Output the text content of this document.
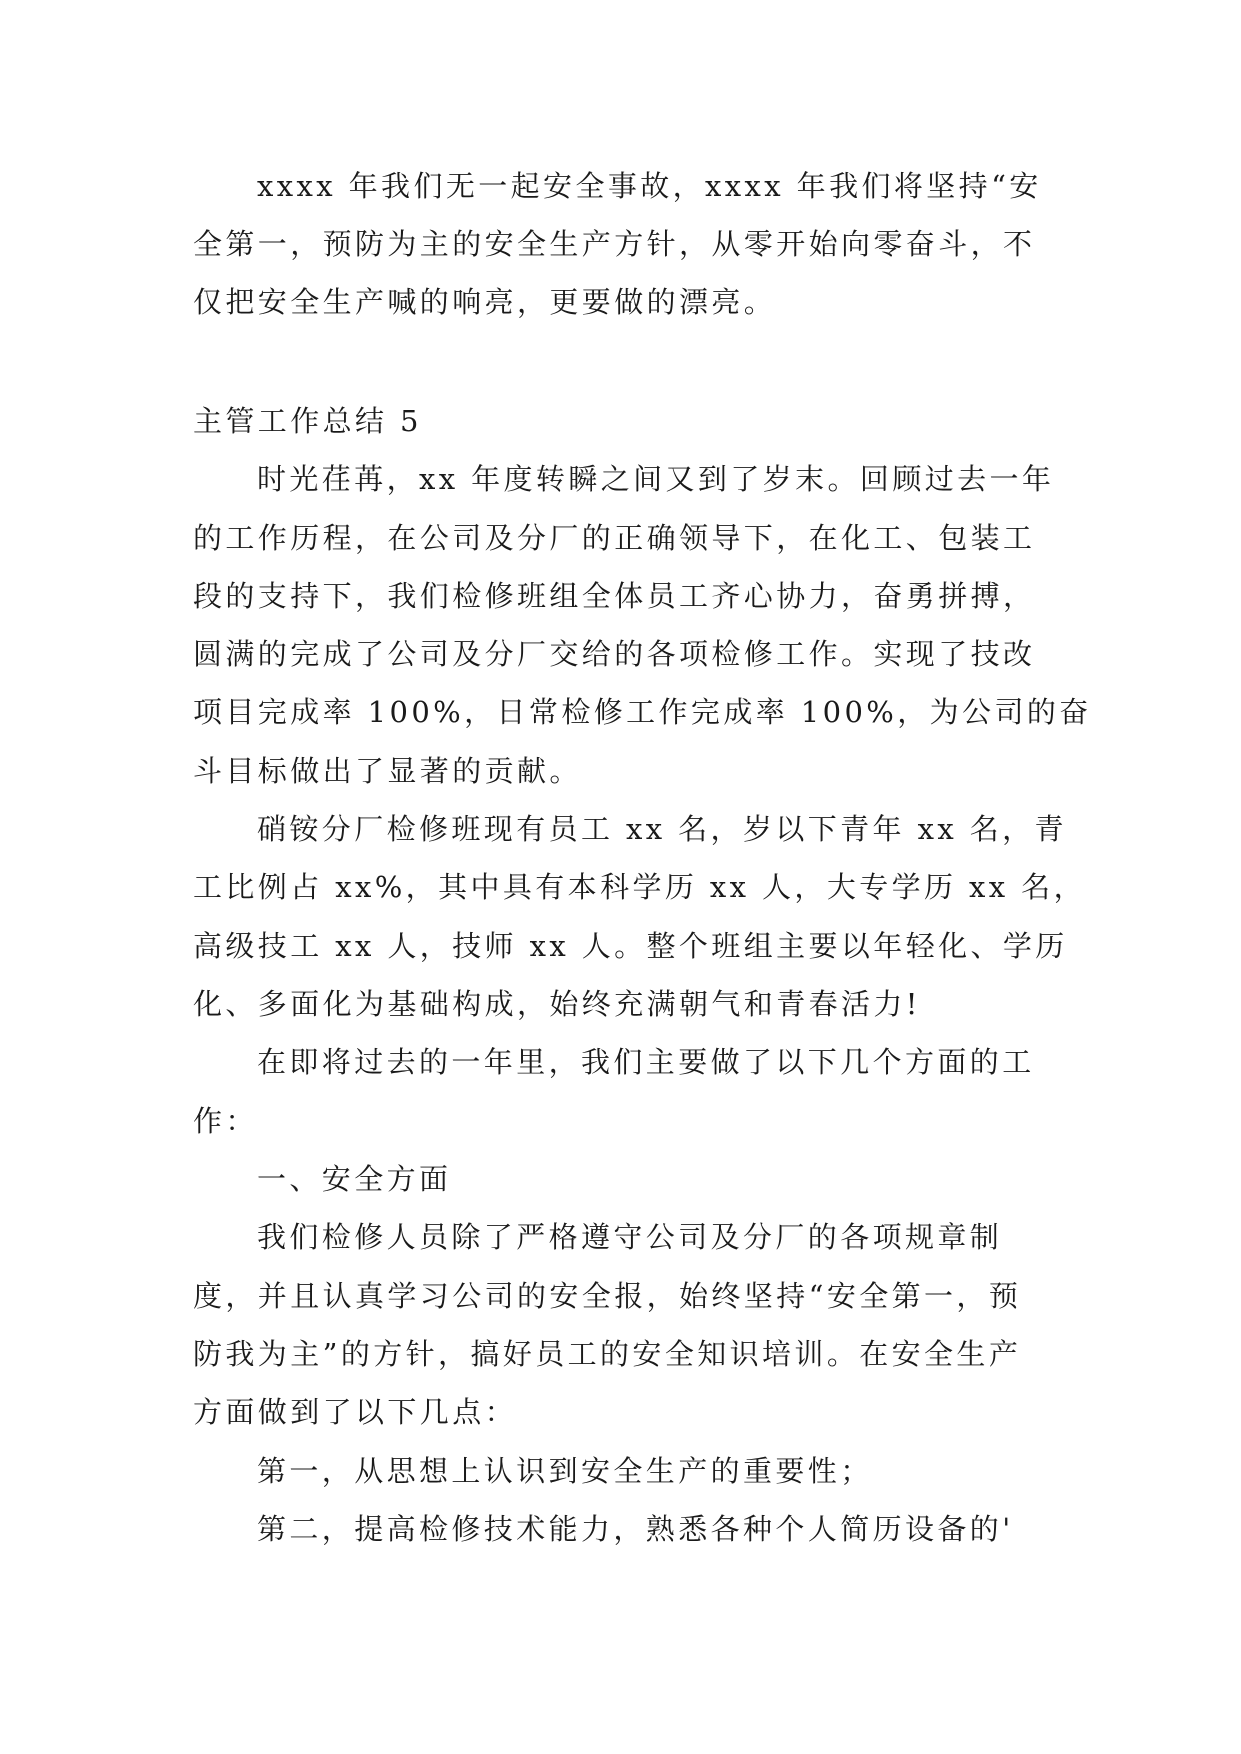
xxxx 年我们无一起安全事故，xxxx 年我们将坚持“安

全第一，预防为主的安全生产方针，从零开始向零奋斗，不

仅把安全生产喊的响亮，更要做的漂亮。

主管工作总结 5

时光荏苒，xx 年度转瞬之间又到了岁末。回顾过去一年

的工作历程，在公司及分厂的正确领导下，在化工、包装工

段的支持下，我们检修班组全体员工齐心协力，奋勇拼搏，

圆满的完成了公司及分厂交给的各项检修工作。实现了技改

项目完成率 100%，日常检修工作完成率 100%，为公司的奋

斗目标做出了显著的贡献。

硝铵分厂检修班现有员工 xx 名，岁以下青年 xx 名，青

工比例占 xx%，其中具有本科学历 xx 人，大专学历 xx 名，

高级技工 xx 人，技师 xx 人。整个班组主要以年轻化、学历

化、多面化为基础构成，始终充满朝气和青春活力!

在即将过去的一年里，我们主要做了以下几个方面的工

作：

一、安全方面

我们检修人员除了严格遵守公司及分厂的各项规章制

度，并且认真学习公司的安全报，始终坚持“安全第一，预

防我为主”的方针，搞好员工的安全知识培训。在安全生产

方面做到了以下几点：

第一，从思想上认识到安全生产的重要性；

第二，提高检修技术能力，熟悉各种个人简历设备的'
